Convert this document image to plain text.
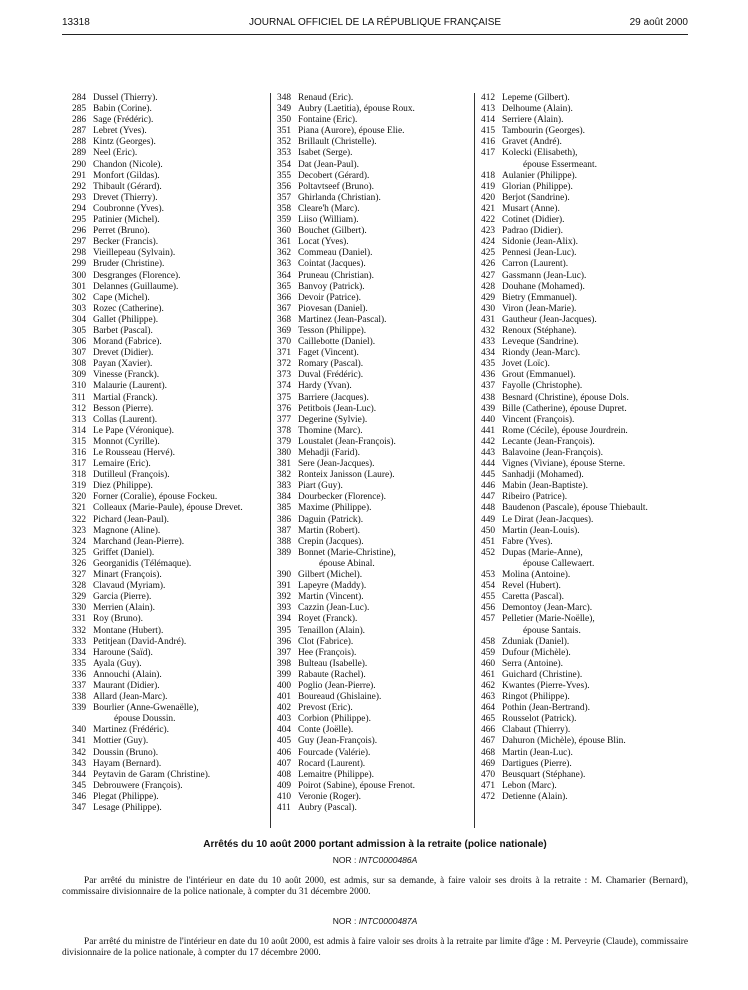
13318	JOURNAL OFFICIEL DE LA RÉPUBLIQUE FRANÇAISE	29 août 2000
284 Dussel (Thierry).
285 Babin (Corine).
286 Sage (Frédéric).
287 Lebret (Yves).
288 Kintz (Georges).
289 Neel (Eric).
290 Chandon (Nicole).
291 Monfort (Gildas).
292 Thibault (Gérard).
293 Drevet (Thierry).
294 Coubronne (Yves).
295 Patinier (Michel).
296 Perret (Bruno).
297 Becker (Francis).
298 Vieillepeau (Sylvain).
299 Bruder (Christine).
300 Desgranges (Florence).
301 Delannes (Guillaume).
302 Cape (Michel).
303 Rozec (Catherine).
304 Gallet (Philippe).
305 Barbet (Pascal).
306 Morand (Fabrice).
307 Drevet (Didier).
308 Payan (Xavier).
309 Vinesse (Franck).
310 Malaurie (Laurent).
311 Martial (Franck).
312 Besson (Pierre).
313 Collas (Laurent).
314 Le Pape (Véronique).
315 Monnot (Cyrille).
316 Le Rousseau (Hervé).
317 Lemaire (Eric).
318 Dutilleul (François).
319 Diez (Philippe).
320 Forner (Coralie), épouse Fockeu.
321 Colleaux (Marie-Paule), épouse Drevet.
322 Pichard (Jean-Paul).
323 Magnone (Aline).
324 Marchand (Jean-Pierre).
325 Griffet (Daniel).
326 Georganidis (Télémaque).
327 Minart (François).
328 Clavaud (Myriam).
329 Garcia (Pierre).
330 Merrien (Alain).
331 Roy (Bruno).
332 Montane (Hubert).
333 Petitjean (David-André).
334 Haroune (Saïd).
335 Ayala (Guy).
336 Annouchi (Alain).
337 Maurant (Didier).
338 Allard (Jean-Marc).
339 Bourlier (Anne-Gwenaëlle),
épouse Doussin.
340 Martinez (Frédéric).
341 Mottier (Guy).
342 Doussin (Bruno).
343 Hayam (Bernard).
344 Peytavin de Garam (Christine).
345 Debrouwere (François).
346 Plegat (Philippe).
347 Lesage (Philippe).
348 Renaud (Eric).
349 Aubry (Laetitia), épouse Roux.
350 Fontaine (Eric).
351 Piana (Aurore), épouse Elie.
352 Brillault (Christelle).
353 Isabet (Serge).
354 Dat (Jean-Paul).
355 Decobert (Gérard).
356 Poltavtseef (Bruno).
357 Ghirlanda (Christian).
358 Cleare'h (Marc).
359 Liiso (William).
360 Bouchet (Gilbert).
361 Locat (Yves).
362 Commeau (Daniel).
363 Cointat (Jacques).
364 Pruneau (Christian).
365 Banvoy (Patrick).
366 Devoir (Patrice).
367 Piovesan (Daniel).
368 Martinez (Jean-Pascal).
369 Tesson (Philippe).
370 Caillebotte (Daniel).
371 Faget (Vincent).
372 Romary (Pascal).
373 Duval (Frédéric).
374 Hardy (Yvan).
375 Barriere (Jacques).
376 Petitbois (Jean-Luc).
377 Degerine (Sylvie).
378 Thomine (Marc).
379 Loustalet (Jean-François).
380 Mehadji (Farid).
381 Sere (Jean-Jacques).
382 Ronteix Janisson (Laure).
383 Piart (Guy).
384 Dourbecker (Florence).
385 Maxime (Philippe).
386 Daguin (Patrick).
387 Martin (Robert).
388 Crepin (Jacques).
389 Bonnet (Marie-Christine),
épouse Abinal.
390 Gilbert (Michel).
391 Lapeyre (Maddy).
392 Martin (Vincent).
393 Cazzin (Jean-Luc).
394 Royet (Franck).
395 Tenaillon (Alain).
396 Clot (Fabrice).
397 Hee (François).
398 Bulteau (Isabelle).
399 Rabaute (Rachel).
400 Poglio (Jean-Pierre).
401 Boureaud (Ghislaine).
402 Prevost (Eric).
403 Corbion (Philippe).
404 Conte (Joëlle).
405 Guy (Jean-François).
406 Fourcade (Valérie).
407 Rocard (Laurent).
408 Lemaitre (Philippe).
409 Poirot (Sabine), épouse Frenot.
410 Veronie (Roger).
411 Aubry (Pascal).
412 Lepeme (Gilbert).
413 Delhoume (Alain).
414 Serriere (Alain).
415 Tambourin (Georges).
416 Gravet (André).
417 Kolecki (Elisabeth),
épouse Essermeant.
418 Aulanier (Philippe).
419 Glorian (Philippe).
420 Berjot (Sandrine).
421 Musart (Anne).
422 Cotinet (Didier).
423 Padrao (Didier).
424 Sidonie (Jean-Alix).
425 Pennesi (Jean-Luc).
426 Carron (Laurent).
427 Gassmann (Jean-Luc).
428 Douhane (Mohamed).
429 Bietry (Emmanuel).
430 Viron (Jean-Marie).
431 Gautheur (Jean-Jacques).
432 Renoux (Stéphane).
433 Leveque (Sandrine).
434 Riondy (Jean-Marc).
435 Jovet (Loïc).
436 Grout (Emmanuel).
437 Fayolle (Christophe).
438 Besnard (Christine), épouse Dols.
439 Bille (Catherine), épouse Dupret.
440 Vincent (François).
441 Rome (Cécile), épouse Jourdrein.
442 Lecante (Jean-François).
443 Balavoine (Jean-François).
444 Vignes (Viviane), épouse Sterne.
445 Sanhadji (Mohamed).
446 Mabin (Jean-Baptiste).
447 Ribeiro (Patrice).
448 Baudenon (Pascale), épouse Thiebault.
449 Le Dirat (Jean-Jacques).
450 Martin (Jean-Louis).
451 Fabre (Yves).
452 Dupas (Marie-Anne),
épouse Callewaert.
453 Molina (Antoine).
454 Revel (Hubert).
455 Caretta (Pascal).
456 Demontoy (Jean-Marc).
457 Pelletier (Marie-Noëlle),
épouse Santais.
458 Zduniak (Daniel).
459 Dufour (Michèle).
460 Serra (Antoine).
461 Guichard (Christine).
462 Kwantes (Pierre-Yves).
463 Ringot (Philippe).
464 Pothin (Jean-Bertrand).
465 Rousselot (Patrick).
466 Clabaut (Thierry).
467 Dahuron (Michèle), épouse Blin.
468 Martin (Jean-Luc).
469 Dartigues (Pierre).
470 Beusquart (Stéphane).
471 Lebon (Marc).
472 Detienne (Alain).
Arrêtés du 10 août 2000 portant admission à la retraite (police nationale)
NOR : INTC0000486A
Par arrêté du ministre de l'intérieur en date du 10 août 2000, est admis, sur sa demande, à faire valoir ses droits à la retraite : M. Chamarier (Bernard), commissaire divisionnaire de la police nationale, à compter du 31 décembre 2000.
NOR : INTC0000487A
Par arrêté du ministre de l'intérieur en date du 10 août 2000, est admis à faire valoir ses droits à la retraite par limite d'âge : M. Perveyrie (Claude), commissaire divisionnaire de la police nationale, à compter du 17 décembre 2000.
